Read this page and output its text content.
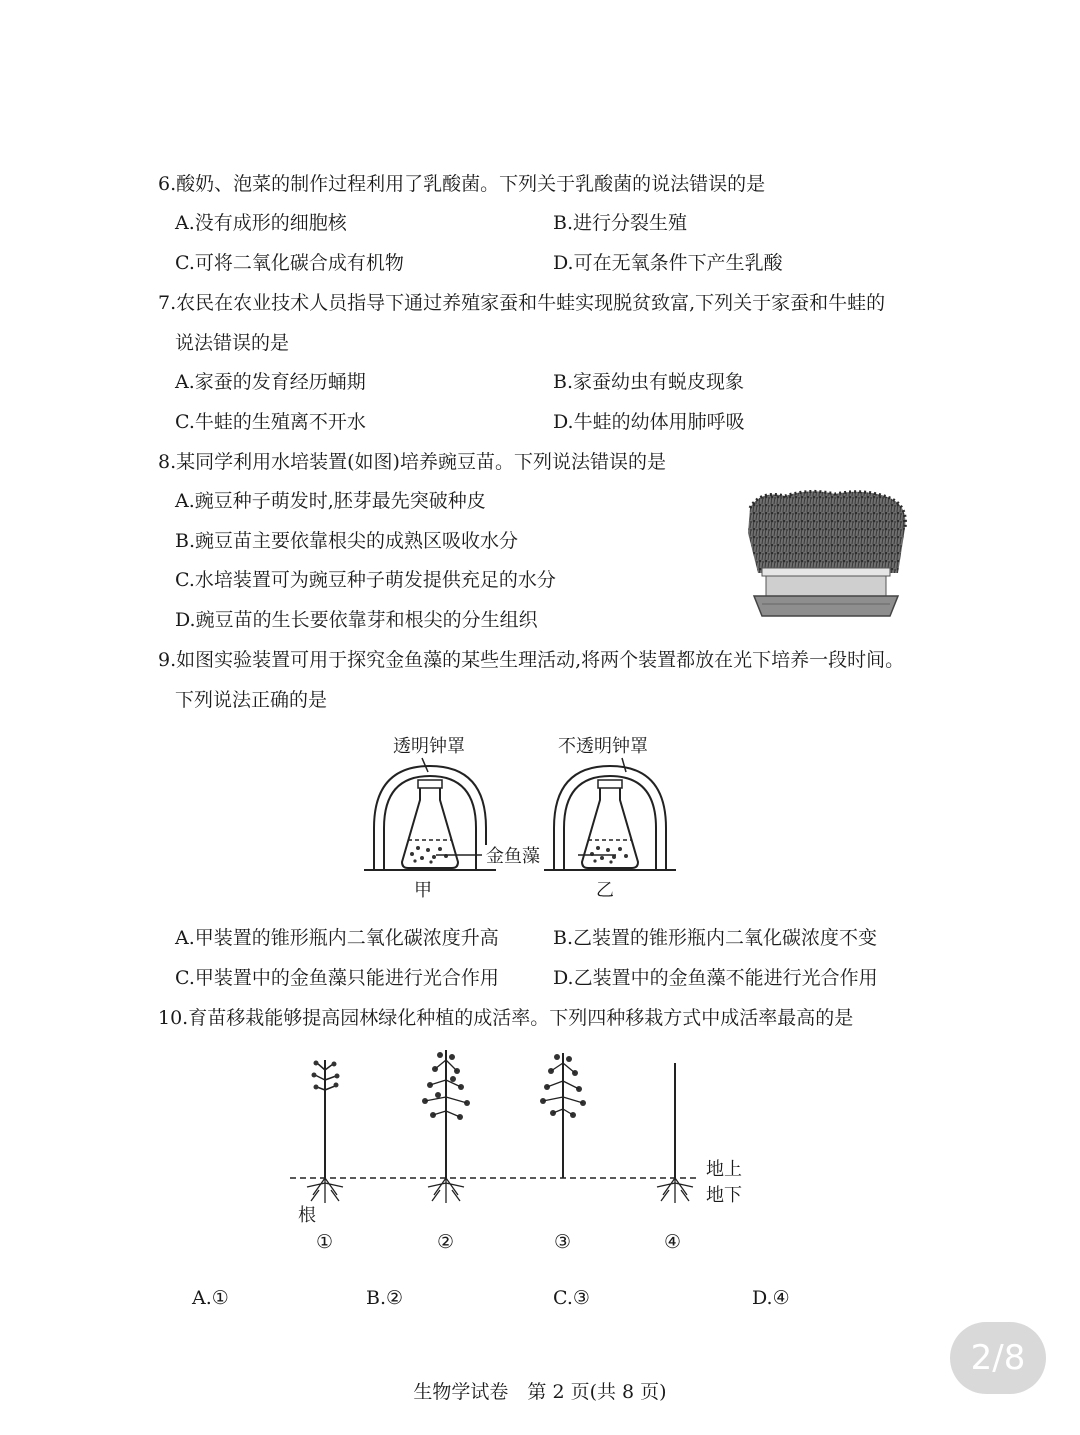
6.酸奶、泡菜的制作过程利用了乳酸菌。下列关于乳酸菌的说法错误的是
A.没有成形的细胞核	B.进行分裂生殖
C.可将二氧化碳合成有机物	D.可在无氧条件下产生乳酸
7.农民在农业技术人员指导下通过养殖家蚕和牛蛙实现脱贫致富,下列关于家蚕和牛蛙的
说法错误的是
A.家蚕的发育经历蛹期	B.家蚕幼虫有蜕皮现象
C.牛蛙的生殖离不开水	D.牛蛙的幼体用肺呼吸
8.某同学利用水培装置(如图)培养豌豆苗。下列说法错误的是
A.豌豆种子萌发时,胚芽最先突破种皮
B.豌豆苗主要依靠根尖的成熟区吸收水分
C.水培装置可为豌豆种子萌发提供充足的水分
D.豌豆苗的生长要依靠芽和根尖的分生组织
9.如图实验装置可用于探究金鱼藻的某些生理活动,将两个装置都放在光下培养一段时间。
下列说法正确的是
透明钟罩	不透明钟罩
金鱼藻
甲	乙
A.甲装置的锥形瓶内二氧化碳浓度升高	B.乙装置的锥形瓶内二氧化碳浓度不变
C.甲装置中的金鱼藻只能进行光合作用	D.乙装置中的金鱼藻不能进行光合作用
10.育苗移栽能够提高园林绿化种植的成活率。下列四种移栽方式中成活率最高的是
地上
地下
根
①	②	③	④
A.①	B.②	C.③	D.④
2/8
生物学试卷　第 2 页(共 8 页)
